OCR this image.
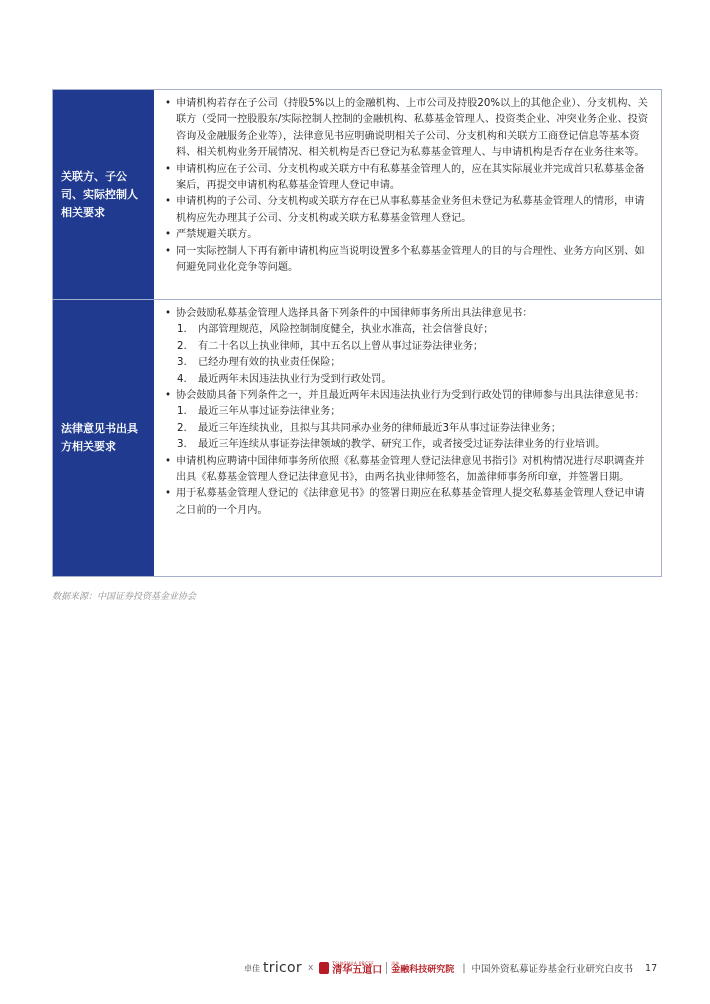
关联方、子公司、实际控制人相关要求
• 申请机构若存在子公司（持股5%以上的金融机构、上市公司及持股20%以上的其他企业）、分支机构、关联方（受同一控股股东/实际控制人控制的金融机构、私募基金管理人、投资类企业、冲突业务企业、投资咨询及金融服务企业等），法律意见书应明确说明相关子公司、分支机构和关联方工商登记信息等基本资料、相关机构业务开展情况、相关机构是否已登记为私募基金管理人、与申请机构是否存在业务往来等。
• 申请机构应在子公司、分支机构或关联方中有私募基金管理人的，应在其实际展业并完成首只私募基金备案后，再提交申请机构私募基金管理人登记申请。
• 申请机构的子公司、分支机构或关联方存在已从事私募基金业务但未登记为私募基金管理人的情形，申请机构应先办理其子公司、分支机构或关联方私募基金管理人登记。
• 严禁规避关联方。
• 同一实际控制人下再有新申请机构应当说明设置多个私募基金管理人的目的与合理性、业务方向区别、如何避免同业化竞争等问题。
法律意见书出具方相关要求
• 协会鼓励私募基金管理人选择具备下列条件的中国律师事务所出具法律意见书：
1. 内部管理规范，风险控制制度健全，执业水准高，社会信誉良好；
2. 有二十名以上执业律师，其中五名以上曾从事过证券法律业务；
3. 已经办理有效的执业责任保险；
4. 最近两年未因违法执业行为受到行政处罚。
• 协会鼓励具备下列条件之一，并且最近两年未因违法执业行为受到行政处罚的律师参与出具法律意见书：
1. 最近三年从事过证券法律业务；
2. 最近三年连续执业，且拟与其共同承办业务的律师最近3年从事过证券法律业务；
3. 最近三年连续从事证券法律领域的教学、研究工作，或者接受过证券法律业务的行业培训。
• 申请机构应聘请中国律师事务所依照《私募基金管理人登记法律意见书指引》对机构情况进行尽职调查并出具《私募基金管理人登记法律意见书》，由两名执业律师签名，加盖律师事务所印章，并签署日期。
• 用于私募基金管理人登记的《法律意见书》的签署日期应在私募基金管理人提交私募基金管理人登记申请之日前的一个月内。
数据来源：中国证券投资基金业协会
卓佳 tricor x	TSINGHUA PBCSF
清华五道口
清华
金融科技研究院 | 中国外资私募证券基金行业研究白皮书 17
